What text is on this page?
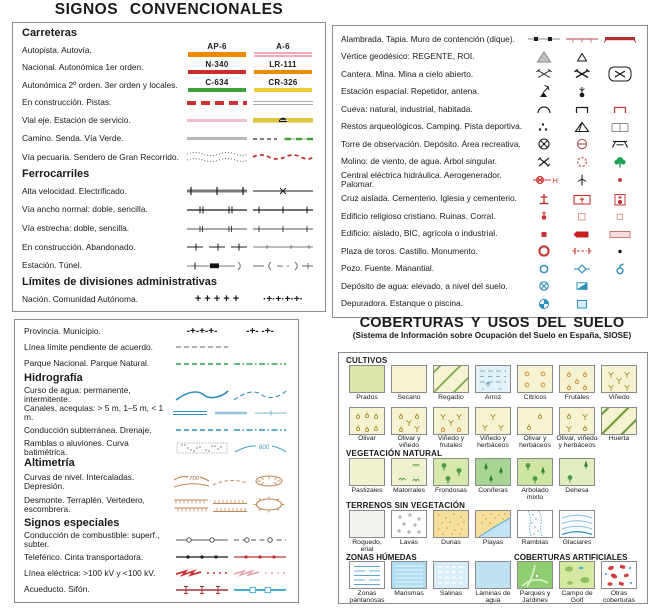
SIGNOS CONVENCIONALES
Carreteras
Autopista. Autovía.	AP-6	A-6
Nacional. Autonómica 1er orden.	N-340	LR-111
Autonómica 2º orden. 3er orden y locales.	C-634	CR-326
En construcción. Pistas.
Vial eje. Estación de servicio.
Camino. Senda. Vía Verde.
Vía pecuaria. Sendero de Gran Recorrido.
Ferrocarriles
Alta velocidad. Electrificado.
Vía ancho normal: doble, sencilla.
Vía estrecha: doble, sencilla.
En construcción. Abandonado.
Estación. Túnel.
Límites de divisiones administrativas
Nación. Comunidad Autónoma.	+ + + + + ·+·+·+·+·
Alambrada. Tapia. Muro de contención (dique).
Vértice geodésico: REGENTE, ROI.
Cantera. Mina. Mina a cielo abierto.
Estación espacial. Repetidor, antena.
Cueva: natural, industrial, habitada.
Restos arqueológicos. Camping. Pista deportiva.
Torre de observación. Depósito. Área recreativa.
Molino: de viento, de agua. Árbol singular.
Central eléctrica hidráulica. Aerogenerador. Palomar.	H
Cruz aislada. Cementerio. Iglesia y cementerio.
Edificio religioso cristiano. Ruinas. Corral.
Edificio: aislado, BIC, agrícola o industrial.
Plaza de toros. Castillo. Monumento.
Pozo. Fuente. Manantial.
Depósito de agua: elevado, a nivel del suelo.
Depuradora. Estanque o piscina.
Provincia. Municipio.	-+-+-+-	-+- -+-
Línea límite pendiente de acuerdo.
Parque Nacional. Parque Natural.
Hidrografía
Curso de agua: permanente, intermitente.
Canales, acequias: > 5 m, 1–5 m, < 1 m.
Conducción subterránea. Drenaje.
Ramblas o aluviones. Curva batimétrica.	600
Altimetría
Curvas de nivel. Intercaladas. Depresión.
700
Desmonte. Terraplén. Vertedero, escombrera.
Signos especiales
Conducción de combustible: superf., subter.
Teleférico. Cinta transportadora.
Línea eléctrica: >100 kV y <100 kV.
Acueducto. Sifón.
COBERTURAS Y USOS DEL SUELO
(Sistema de Información sobre Ocupación del Suelo en España, SIOSE)
CULTIVOS
Prados	Secano	Regadío	Arroz	Cítricos	Frutales	Viñedo
Olivar	Olivar y viñedo
Viñedo y frutales
Viñedo y herbáceos
Olivar y herbáceos
Olivar, viñedo y herbáceos
Huerta
VEGETACIÓN NATURAL
Pastizales Matorrales Frondosas Coníferas	Arbolado mixto
Dehesa
TERRENOS SIN VEGETACIÓN
Roquedo, erial
Lavas	Dunas	Playas	Ramblas Glaciares
ZONAS HÚMEDAS	COBERTURAS ARTIFICIALES
Zonas pantanosas
Marismas Salinas	Láminas de agua
Parques y Jardines
Campo de Golf
Otras coberturas
